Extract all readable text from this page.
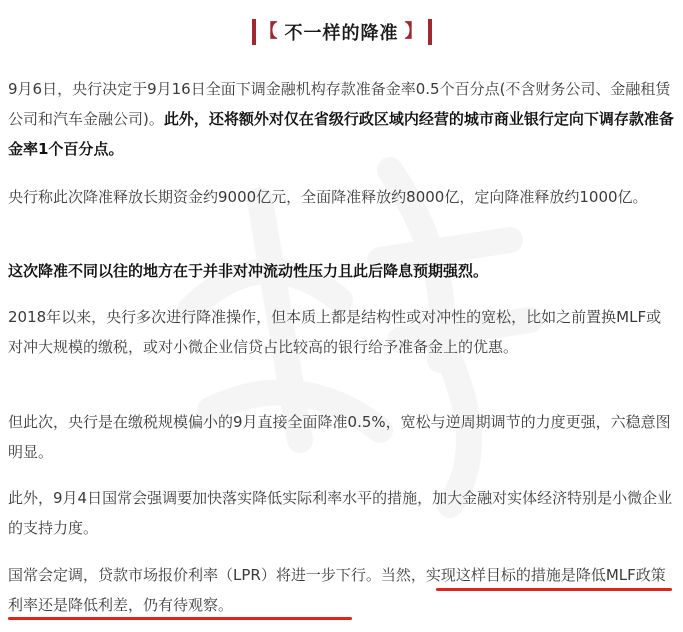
【 不一样的降准 】

9月6日，央行决定于9月16日全面下调金融机构存款准备金率0.5个百分点(不含财务公司、金融租赁公司和汽车金融公司)。此外，还将额外对仅在省级行政区域内经营的城市商业银行定向下调存款准备金率1个百分点。

央行称此次降准释放长期资金约9000亿元，全面降准释放约8000亿，定向降准释放约1000亿。

这次降准不同以往的地方在于并非对冲流动性压力且此后降息预期强烈。

2018年以来，央行多次进行降准操作，但本质上都是结构性或对冲性的宽松，比如之前置换MLF或对冲大规模的缴税，或对小微企业信贷占比较高的银行给予准备金上的优惠。

但此次，央行是在缴税规模偏小的9月直接全面降准0.5%，宽松与逆周期调节的力度更强，六稳意图明显。

此外，9月4日国常会强调要加快落实降低实际利率水平的措施，加大金融对实体经济特别是小微企业的支持力度。

国常会定调，贷款市场报价利率（LPR）将进一步下行。当然，实现这样目标的措施是降低MLF政策利率还是降低利差，仍有待观察。
